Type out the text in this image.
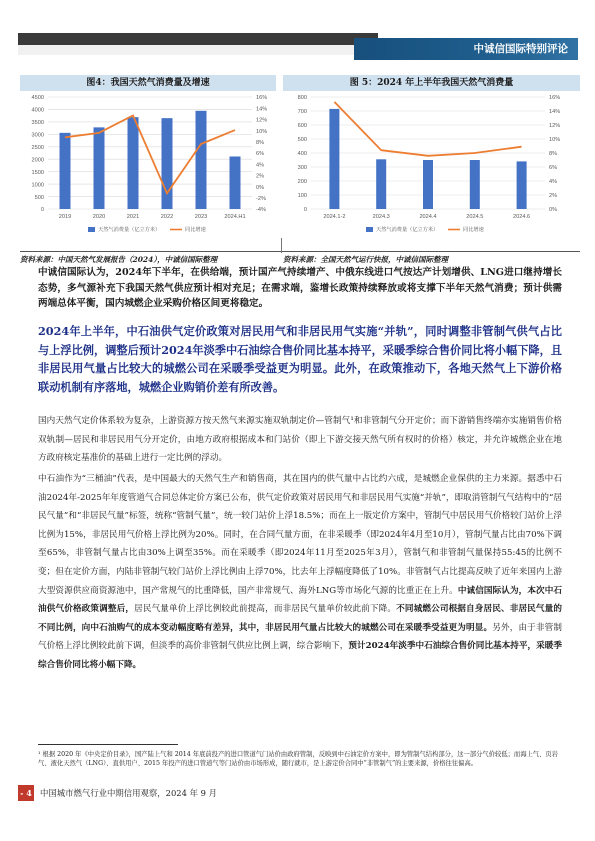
中诚信国际特别评论
图4：我国天然气消费量及增速
0
500
1000
1500
2000
2500
3000
3500
4000
4500
-4%
-2%
0%
2%
4%
6%
8%
10%
12%
14%
16%
2019	2020	2021	2022	2023	2024.H1
天然气消费量（亿立方米）	同比增速
资料来源：中国天然气发展报告（2024），中诚信国际整理
图 5：2024 年上半年我国天然气消费量
0
100
200
300
400
500
600
700
800
0%
2%
4%
6%
8%
10%
12%
14%
16%
2024.1-2	2024.3	2024.4	2024.5	2024.6
天然气消费量（亿立方米）	同比增速
资料来源：全国天然气运行快报，中诚信国际整理
中诚信国际认为，2024年下半年，在供给端，预计国产气持续增产、中俄东线进口气按达产计划增供、LNG进口继持增长态势，多气源补充下我国天然气供应预计相对充足；在需求端，鉴增长政策持续释放或将支撑下半年天然气消费；预计供需两端总体平衡，国内城燃企业采购价格区间更将稳定。
2024年上半年，中石油供气定价政策对居民用气和非居民用气实施“并轨”，同时调整非管制气供气占比与上浮比例，调整后预计2024年淡季中石油综合售价同比基本持平，采暖季综合售价同比将小幅下降，且非居民用气量占比较大的城燃公司在采暖季受益更为明显。此外，在政策推动下，各地天然气上下游价格联动机制有序落地，城燃企业购销价差有所改善。
国内天然气定价体系较为复杂，上游资源方按天然气来源实施双轨制定价—管制气¹和非管制气分开定价；而下游销售终端亦实施销售价格双轨制—居民和非居民用气分开定价，由地方政府根据成本和门站价（即上下游交接天然气所有权时的价格）核定，并允许城燃企业在地方政府核定基准价的基础上进行一定比例的浮动。
中石油作为“三桶油”代表，是中国最大的天然气生产和销售商，其在国内的供气量中占比约六成，是城燃企业保供的主力来源。据悉中石油2024年-2025年年度管道气合同总体定价方案已公布，供气定价政策对居民用气和非居民用气实施“并轨”，即取消管制气气结构中的“居民气量”和“非居民气量”标签，统称“管制气量”，统一较门站价上浮18.5%；而在上一版定价方案中，管制气中居民用气价格较门站价上浮比例为15%，非居民用气价格上浮比例为20%。同时，在合同气量方面，在非采暖季（即2024年4月至10月），管制气量占比由70%下调至65%，非管制气量占比由30%上调至35%。而在采暖季（即2024年11月至2025年3月），管制气和非管制气量保持55:45的比例不变；但在定价方面，内陆非管制气较门站价上浮比例由上浮70%，比去年上浮幅度降低了10%。非管制气占比提高反映了近年来国内上游大型资源供应商资源池中，国产常规气的比重降低，国产非常规气、海外LNG等市场化气源的比重正在上升。中诚信国际认为，本次中石油供气价格政策调整后，居民气量单价上浮比例较此前提高，而非居民气量单价较此前下降。不同城燃公司根据自身居民、非居民气量的不同比例，向中石油购气的成本变动幅度略有差异，其中，非居民用气量占比较大的城燃公司在采暖季受益更为明显。另外，由于非管制气价格上浮比例较此前下调，但淡季的高价非管制气供应比例上调，综合影响下，预计2024年淡季中石油综合售价同比基本持平，采暖季综合售价同比将小幅下降。
¹ 根据 2020 年《中央定价目录》，国产陆上气和 2014 年底前投产的进口管道气门站价由政府管制，反映到中石油定价方案中，即为管制气结构部分，这一部分气价较低；而海上气、页岩气、液化天然气（LNG）、直供用户、2015 年投产的进口管道气等门站价由市场形成，随行就市，是上游定价合同中“非管制气”的主要来源，价格往往偏高。
- 4 -
中国城市燃气行业中期信用观察，2024 年 9 月
